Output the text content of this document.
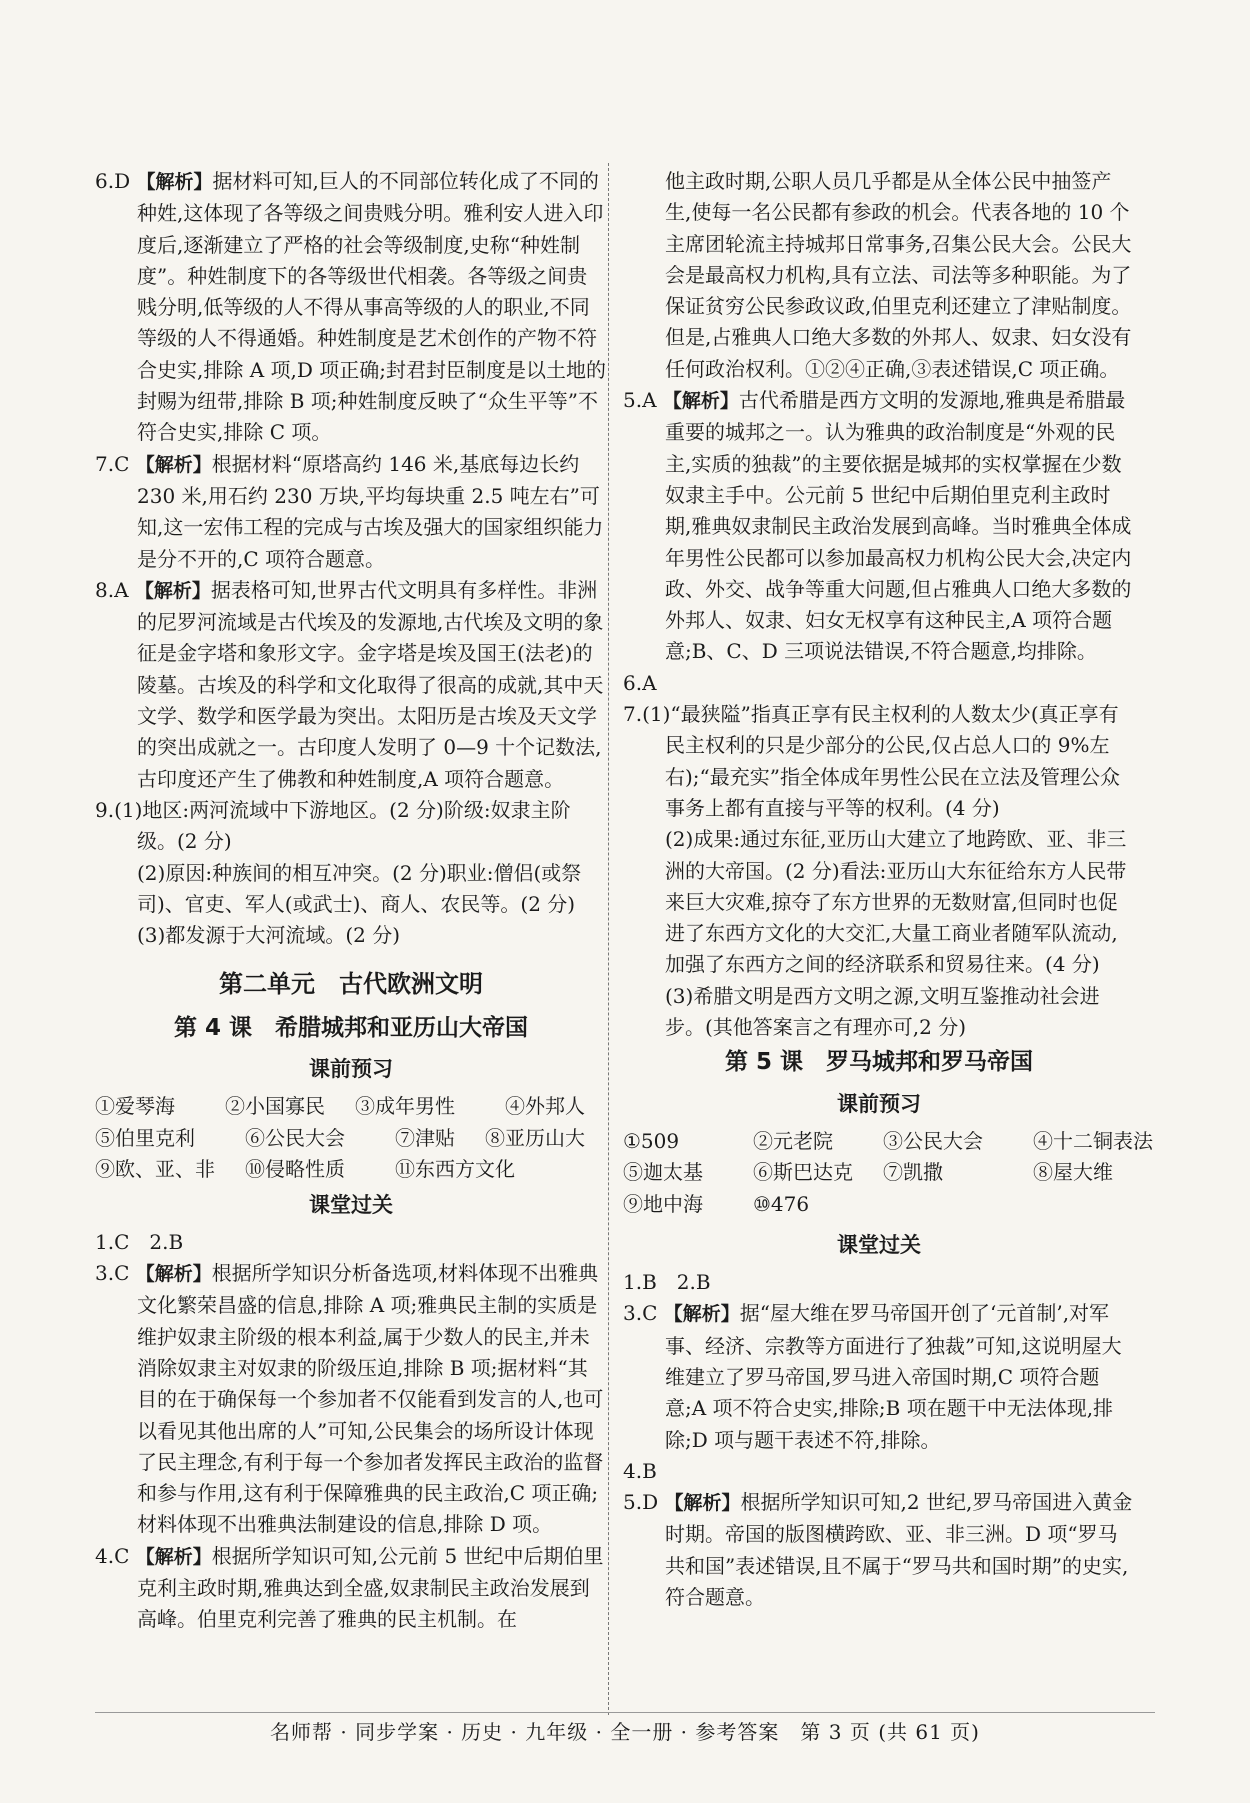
6.D 【解析】据材料可知,巨人的不同部位转化成了不同的种姓,这体现了各等级之间贵贱分明。雅利安人进入印度后,逐渐建立了严格的社会等级制度,史称“种姓制度”。种姓制度下的各等级世代相袭。各等级之间贵贱分明,低等级的人不得从事高等级的人的职业,不同等级的人不得通婚。种姓制度是艺术创作的产物不符合史实,排除 A 项,D 项正确;封君封臣制度是以土地的封赐为纽带,排除 B 项;种姓制度反映了“众生平等”不符合史实,排除 C 项。

7.C 【解析】根据材料“原塔高约 146 米,基底每边长约 230 米,用石约 230 万块,平均每块重 2.5 吨左右”可知,这一宏伟工程的完成与古埃及强大的国家组织能力是分不开的,C 项符合题意。

8.A 【解析】据表格可知,世界古代文明具有多样性。非洲的尼罗河流域是古代埃及的发源地,古代埃及文明的象征是金字塔和象形文字。金字塔是埃及国王(法老)的陵墓。古埃及的科学和文化取得了很高的成就,其中天文学、数学和医学最为突出。太阳历是古埃及天文学的突出成就之一。古印度人发明了 0—9 十个记数法,古印度还产生了佛教和种姓制度,A 项符合题意。

9.(1)地区:两河流域中下游地区。(2 分)阶级:奴隶主阶级。(2 分)

(2)原因:种族间的相互冲突。(2 分)职业:僧侣(或祭司)、官吏、军人(或武士)、商人、农民等。(2 分)

(3)都发源于大河流域。(2 分)

第二单元　古代欧洲文明
第 4 课　希腊城邦和亚历山大帝国
课前预习
①爱琴海	②小国寡民	③成年男性	④外邦人
⑤伯里克利	⑥公民大会	⑦津贴	⑧亚历山大
⑨欧、亚、非	⑩侵略性质	⑪东西方文化
课堂过关

1.C　2.B

3.C 【解析】根据所学知识分析备选项,材料体现不出雅典文化繁荣昌盛的信息,排除 A 项;雅典民主制的实质是维护奴隶主阶级的根本利益,属于少数人的民主,并未消除奴隶主对奴隶的阶级压迫,排除 B 项;据材料“其目的在于确保每一个参加者不仅能看到发言的人,也可以看见其他出席的人”可知,公民集会的场所设计体现了民主理念,有利于每一个参加者发挥民主政治的监督和参与作用,这有利于保障雅典的民主政治,C 项正确;材料体现不出雅典法制建设的信息,排除 D 项。

4.C 【解析】根据所学知识可知,公元前 5 世纪中后期伯里克利主政时期,雅典达到全盛,奴隶制民主政治发展到高峰。伯里克利完善了雅典的民主机制。在

他主政时期,公职人员几乎都是从全体公民中抽签产生,使每一名公民都有参政的机会。代表各地的 10 个主席团轮流主持城邦日常事务,召集公民大会。公民大会是最高权力机构,具有立法、司法等多种职能。为了保证贫穷公民参政议政,伯里克利还建立了津贴制度。但是,占雅典人口绝大多数的外邦人、奴隶、妇女没有任何政治权利。①②④正确,③表述错误,C 项正确。

5.A 【解析】古代希腊是西方文明的发源地,雅典是希腊最重要的城邦之一。认为雅典的政治制度是“外观的民主,实质的独裁”的主要依据是城邦的实权掌握在少数奴隶主手中。公元前 5 世纪中后期伯里克利主政时期,雅典奴隶制民主政治发展到高峰。当时雅典全体成年男性公民都可以参加最高权力机构公民大会,决定内政、外交、战争等重大问题,但占雅典人口绝大多数的外邦人、奴隶、妇女无权享有这种民主,A 项符合题意;B、C、D 三项说法错误,不符合题意,均排除。

6.A

7.(1)“最狭隘”指真正享有民主权利的人数太少(真正享有民主权利的只是少部分的公民,仅占总人口的 9%左右);“最充实”指全体成年男性公民在立法及管理公众事务上都有直接与平等的权利。(4 分)

(2)成果:通过东征,亚历山大建立了地跨欧、亚、非三洲的大帝国。(2 分)看法:亚历山大东征给东方人民带来巨大灾难,掠夺了东方世界的无数财富,但同时也促进了东西方文化的大交汇,大量工商业者随军队流动,加强了东西方之间的经济联系和贸易往来。(4 分)

(3)希腊文明是西方文明之源,文明互鉴推动社会进步。(其他答案言之有理亦可,2 分)

第 5 课　罗马城邦和罗马帝国
课前预习
①509	②元老院	③公民大会	④十二铜表法
⑤迦太基	⑥斯巴达克	⑦凯撒	⑧屋大维
⑨地中海	⑩476
课堂过关

1.B　2.B

3.C 【解析】据“屋大维在罗马帝国开创了‘元首制’,对军事、经济、宗教等方面进行了独裁”可知,这说明屋大维建立了罗马帝国,罗马进入帝国时期,C 项符合题意;A 项不符合史实,排除;B 项在题干中无法体现,排除;D 项与题干表述不符,排除。

4.B

5.D 【解析】根据所学知识可知,2 世纪,罗马帝国进入黄金时期。帝国的版图横跨欧、亚、非三洲。D 项“罗马共和国”表述错误,且不属于“罗马共和国时期”的史实,符合题意。

名师帮 · 同步学案 · 历史 · 九年级 · 全一册 · 参考答案　第 3 页 (共 61 页)
